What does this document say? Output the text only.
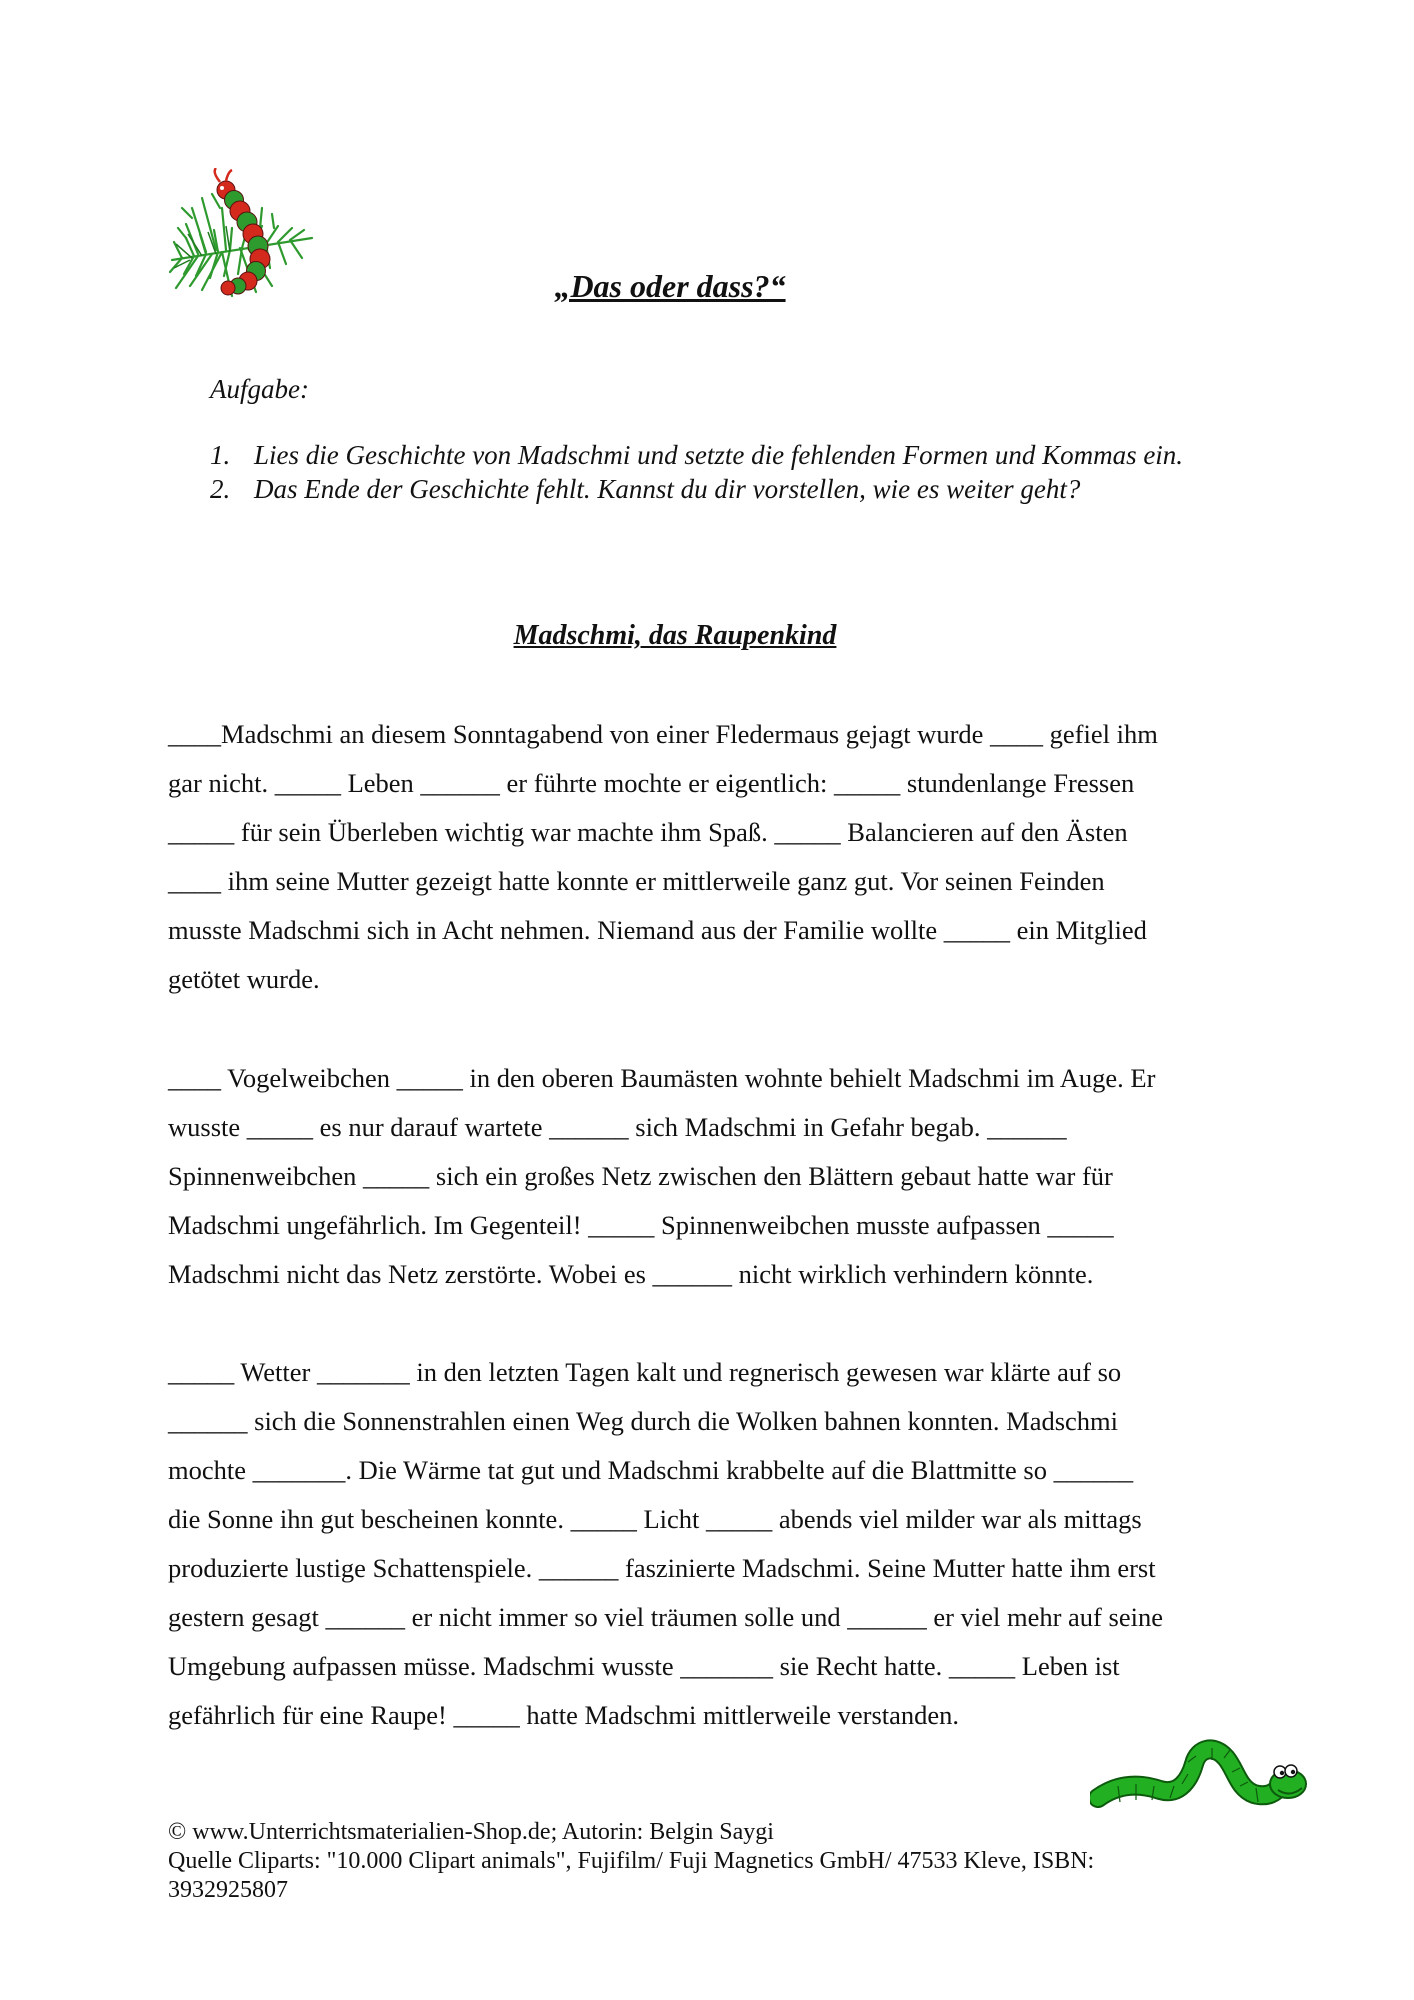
„Das oder dass?“
Aufgabe:
1. Lies die Geschichte von Madschmi und setzte die fehlenden Formen und Kommas ein.
2. Das Ende der Geschichte fehlt. Kannst du dir vorstellen, wie es weiter geht?
Madschmi, das Raupenkind
____Madschmi an diesem Sonntagabend von einer Fledermaus gejagt wurde ____ gefiel ihm
gar nicht. _____ Leben ______ er führte mochte er eigentlich: _____ stundenlange Fressen
_____ für sein Überleben wichtig war machte ihm Spaß. _____ Balancieren auf den Ästen
____ ihm seine Mutter gezeigt hatte konnte er mittlerweile ganz gut. Vor seinen Feinden
musste Madschmi sich in Acht nehmen. Niemand aus der Familie wollte _____ ein Mitglied
getötet wurde.
____ Vogelweibchen _____ in den oberen Baumästen wohnte behielt Madschmi im Auge. Er
wusste _____ es nur darauf wartete ______ sich Madschmi in Gefahr begab. ______
Spinnenweibchen _____ sich ein großes Netz zwischen den Blättern gebaut hatte war für
Madschmi ungefährlich. Im Gegenteil! _____ Spinnenweibchen musste aufpassen _____
Madschmi nicht das Netz zerstörte. Wobei es ______ nicht wirklich verhindern könnte.
_____ Wetter _______ in den letzten Tagen kalt und regnerisch gewesen war klärte auf so
______ sich die Sonnenstrahlen einen Weg durch die Wolken bahnen konnten. Madschmi
mochte _______. Die Wärme tat gut und Madschmi krabbelte auf die Blattmitte so ______
die Sonne ihn gut bescheinen konnte. _____ Licht _____ abends viel milder war als mittags
produzierte lustige Schattenspiele. ______ faszinierte Madschmi. Seine Mutter hatte ihm erst
gestern gesagt ______ er nicht immer so viel träumen solle und ______ er viel mehr auf seine
Umgebung aufpassen müsse. Madschmi wusste _______ sie Recht hatte. _____ Leben ist
gefährlich für eine Raupe! _____ hatte Madschmi mittlerweile verstanden.
© www.Unterrichtsmaterialien-Shop.de; Autorin: Belgin Saygi
Quelle Cliparts: "10.000 Clipart animals", Fujifilm/ Fuji Magnetics GmbH/ 47533 Kleve, ISBN:
3932925807
